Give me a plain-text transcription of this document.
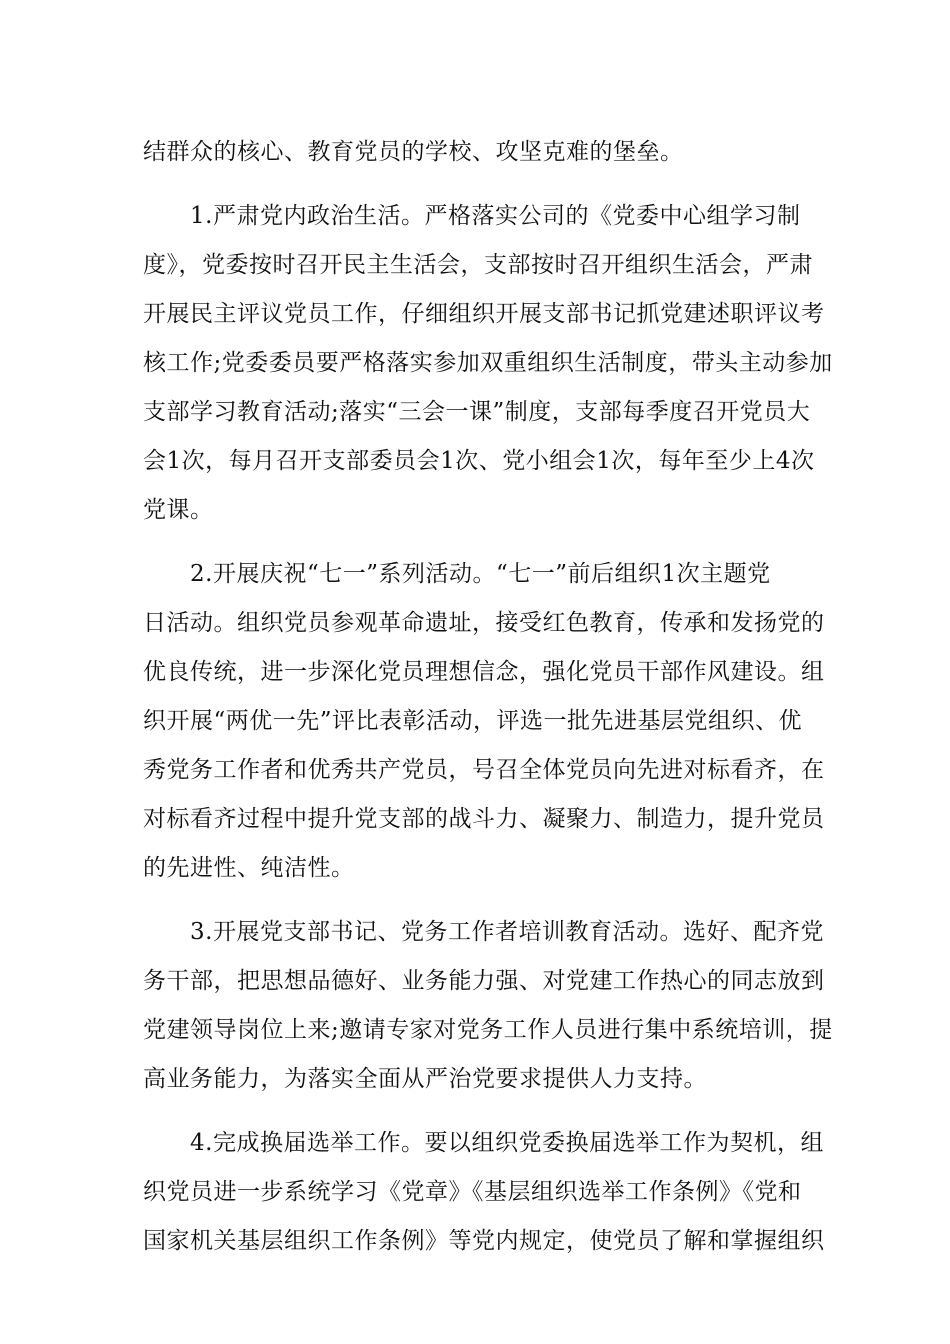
结群众的核心、教育党员的学校、攻坚克难的堡垒。
1.严肃党内政治生活。严格落实公司的《党委中心组学习制
度》，党委按时召开民主生活会，支部按时召开组织生活会，严肃
开展民主评议党员工作，仔细组织开展支部书记抓党建述职评议考
核工作;党委委员要严格落实参加双重组织生活制度，带头主动参加
支部学习教育活动;落实“三会一课”制度，支部每季度召开党员大
会1次，每月召开支部委员会1次、党小组会1次，每年至少上4次
党课。
2.开展庆祝“七一”系列活动。“七一”前后组织1次主题党
日活动。组织党员参观革命遗址，接受红色教育，传承和发扬党的
优良传统，进一步深化党员理想信念，强化党员干部作风建设。组
织开展“两优一先”评比表彰活动，评选一批先进基层党组织、优
秀党务工作者和优秀共产党员，号召全体党员向先进对标看齐，在
对标看齐过程中提升党支部的战斗力、凝聚力、制造力，提升党员
的先进性、纯洁性。
3.开展党支部书记、党务工作者培训教育活动。选好、配齐党
务干部，把思想品德好、业务能力强、对党建工作热心的同志放到
党建领导岗位上来;邀请专家对党务工作人员进行集中系统培训，提
高业务能力，为落实全面从严治党要求提供人力支持。
4.完成换届选举工作。要以组织党委换届选举工作为契机，组
织党员进一步系统学习《党章》《基层组织选举工作条例》《党和
国家机关基层组织工作条例》等党内规定，使党员了解和掌握组织
